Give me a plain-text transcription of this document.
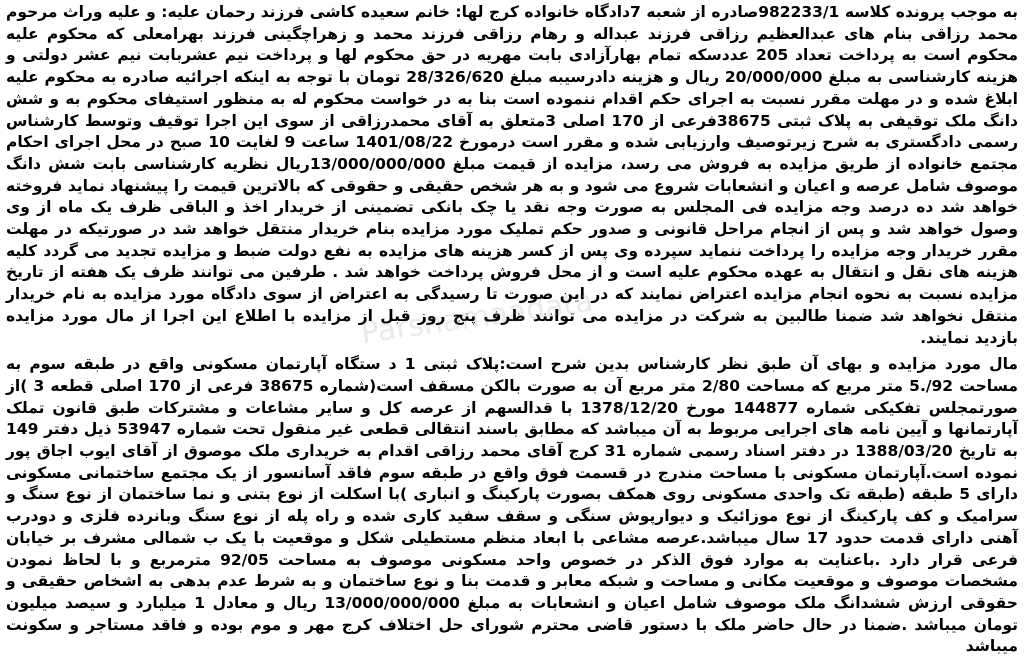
به موجب پرونده کلاسه 982233/1صادره از شعبه 7دادگاه خانواده کرج لها: خانم سعیده کاشی فرزند رحمان علیه: و علیه وراث مرحوم محمد رزاقی بنام های عبدالعظیم رزاقی فرزند عبداله و رهام رزاقی فرزند محمد و زهراچگینی فرزند بهرامعلی که محکوم علیه محکوم است به پرداخت تعداد 205 عددسکه تمام بهارآزادی بابت مهریه در حق محکوم لها و پرداخت نیم عشربابت نیم عشر دولتی و هزینه کارشناسی به مبلغ 20/000/000 ریال و هزینه دادرسیبه مبلغ 28/326/620 تومان با توجه به اینکه اجرائیه صادره به محکوم علیه ابلاغ شده و در مهلت مقرر نسبت به اجرای حکم اقدام ننموده است بنا به در خواست محکوم له به منظور استیفای محکوم به و شش دانگ ملک توقیفی به پلاک ثبتی 38675فرعی از 170 اصلی 3متعلق به آقای محمدرزاقی از سوی این اجرا توقیف وتوسط کارشناس رسمی دادگستری به شرح زیرتوصیف وارزیابی شده و مقرر است درمورخ 1401/08/22 ساعت 9 لغایت 10 صبح در محل اجرای احکام مجتمع خانواده از طریق مزایده به فروش می رسد، مزایده از قیمت مبلغ 13/000/000/000ریال نظریه کارشناسی بابت شش دانگ موصوف شامل عرصه و اعیان و انشعابات شروع می شود و به هر شخص حقیقی و حقوقی که بالاترین قیمت را پیشنهاد نماید فروخته خواهد شد ده درصد وجه مزایده فی المجلس به صورت وجه نقد یا چک بانکی تضمینی از خریدار اخذ و الباقی ظرف یک ماه از وی وصول خواهد شد و پس از انجام مراحل قانونی و صدور حکم تملیک مورد مزایده بنام خریدار منتقل خواهد شد در صورتیکه در مهلت مقرر خریدار وجه مزایده را پرداخت ننماید سپرده وی پس از کسر هزینه های مزایده به نفع دولت ضبط و مزایده تجدید می گردد کلیه هزینه های نقل و انتقال به عهده محکوم علیه است و از محل فروش پرداخت خواهد شد . طرفین می توانند ظرف یک هفته از تاریخ مزایده نسبت به نحوه انجام مزایده اعتراض نمایند که در این صورت تا رسیدگی به اعتراض از سوی دادگاه مورد مزایده به نام خریدار منتقل نخواهد شد ضمنا طالبین به شرکت در مزایده می توانند ظرف پنج روز قبل از مزایده با اطلاع این اجرا از مال مورد مزایده بازدید نمایند.

مال مورد مزایده و بهای آن طبق نظر کارشناس بدین شرح است:پلاک ثبتی 1 د ستگاه آپارتمان مسکونی واقع در طبقه سوم به مساحت 92/.5 متر مربع که مساحت 2/80 متر مربع آن به صورت بالکن مسقف است(شماره 38675 فرعی از 170 اصلی قطعه 3 )از صورتمجلس تفکیکی شماره 144877 مورخ 1378/12/20 با قدالسهم از عرصه کل و سایر مشاعات و مشترکات طبق قانون تملک آپارتمانها و آیین نامه های اجرایی مربوط به آن میباشد که مطابق باسند انتقالی قطعی غیر منقول تحت شماره 53947 ذیل دفتر 149 به تاریخ 1388/03/20 در دفتر اسناد رسمی شماره 31 کرج آقای محمد رزاقی اقدام به خریداری ملک موصوق از آقای ایوب اجاق پور نموده است.آپارتمان مسکونی با مساحت مندرج در قسمت فوق واقع در طبقه سوم فاقد آسانسور از یک مجتمع ساختمانی مسکونی دارای 5 طبقه (طبقه تک واحدی مسکونی روی همکف بصورت پارکینگ و انباری )با اسکلت از نوع بتنی و نما ساختمان از نوع سنگ و سرامیک و کف پارکینگ از نوع موزائیک و دیوارپوش سنگی و سقف سفید کاری شده و راه پله از نوع سنگ وبانرده فلزی و دودرب آهنی دارای قدمت حدود 17 سال میباشد.عرصه مشاعی با ابعاد منظم مستطیلی شکل و موقعیت با یک ب شمالی مشرف بر خیابان فرعی قرار دارد .باعنایت به موارد فوق الذکر در خصوص واحد مسکونی موصوف به مساحت 92/05 مترمربع و با لحاظ نمودن مشخصات موصوف و موقعیت مکانی و مساحت و شبکه معابر و قدمت بنا و نوع ساختمان و به شرط عدم بدهی به اشخاص حقیقی و حقوقی ارزش ششدانگ ملک موصوف شامل اعیان و انشعابات به مبلغ 13/000/000/000 ریال و معادل 1 میلیارد و سیصد میلیون تومان میباشد .ضمنا در حال حاضر ملک با دستور قاضی محترم شورای حل اختلاف کرج مهر و موم بوده و فاقد مستاجر و سکونت میباشد

Parsnamaadata
